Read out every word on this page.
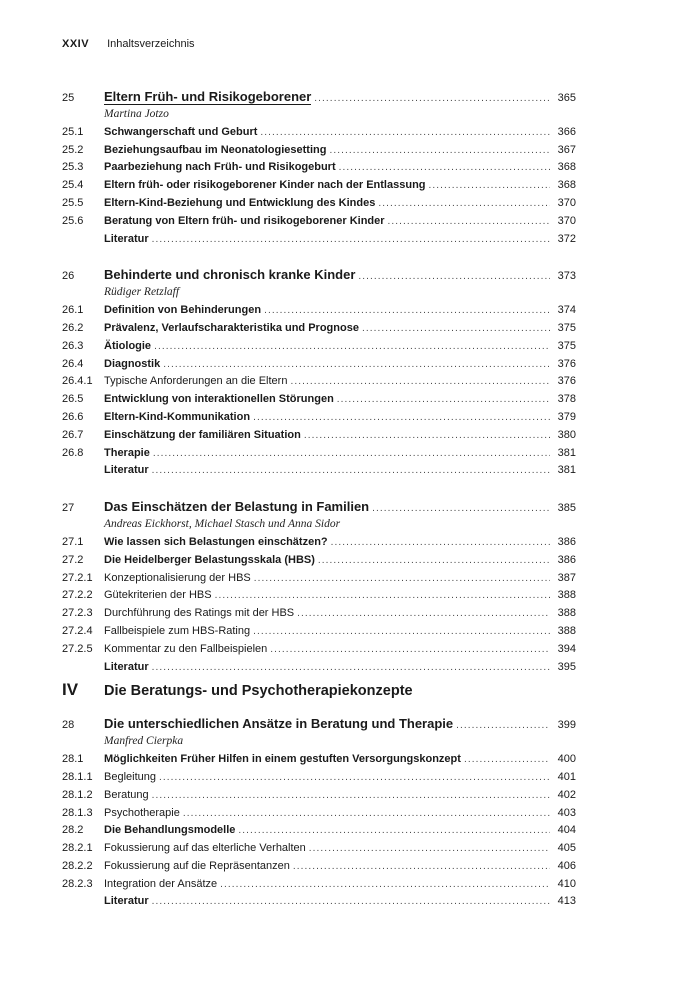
XXIV Inhaltsverzeichnis
25	Eltern Früh- und Risikogeborener .....	365
Martina Jotzo
25.1	Schwangerschaft und Geburt .....	366
25.2	Beziehungsaufbau im Neonatologiesetting .....	367
25.3	Paarbeziehung nach Früh- und Risikogeburt .....	368
25.4	Eltern früh- oder risikogeborener Kinder nach der Entlassung .....	368
25.5	Eltern-Kind-Beziehung und Entwicklung des Kindes .....	370
25.6	Beratung von Eltern früh- und risikogeborener Kinder .....	370
Literatur .....	372
26	Behinderte und chronisch kranke Kinder .....	373
Rüdiger Retzlaff
26.1	Definition von Behinderungen .....	374
26.2	Prävalenz, Verlaufscharakteristika und Prognose .....	375
26.3	Ätiologie .....	375
26.4	Diagnostik .....	376
26.4.1	Typische Anforderungen an die Eltern .....	376
26.5	Entwicklung von interaktionellen Störungen .....	378
26.6	Eltern-Kind-Kommunikation .....	379
26.7	Einschätzung der familiären Situation .....	380
26.8	Therapie .....	381
Literatur .....	381
27	Das Einschätzen der Belastung in Familien .....	385
Andreas Eickhorst, Michael Stasch und Anna Sidor
27.1	Wie lassen sich Belastungen einschätzen? .....	386
27.2	Die Heidelberger Belastungsskala (HBS) .....	386
27.2.1	Konzeptionalisierung der HBS .....	387
27.2.2	Gütekriterien der HBS .....	388
27.2.3	Durchführung des Ratings mit der HBS .....	388
27.2.4	Fallbeispiele zum HBS-Rating .....	388
27.2.5	Kommentar zu den Fallbeispielen .....	394
Literatur .....	395
IV	Die Beratungs- und Psychotherapiekonzepte
28	Die unterschiedlichen Ansätze in Beratung und Therapie .....	399
Manfred Cierpka
28.1	Möglichkeiten Früher Hilfen in einem gestuften Versorgungskonzept .....	400
28.1.1	Begleitung .....	401
28.1.2	Beratung .....	402
28.1.3	Psychotherapie .....	403
28.2	Die Behandlungsmodelle .....	404
28.2.1	Fokussierung auf das elterliche Verhalten .....	405
28.2.2	Fokussierung auf die Repräsentanzen .....	406
28.2.3	Integration der Ansätze .....	410
Literatur .....	413
